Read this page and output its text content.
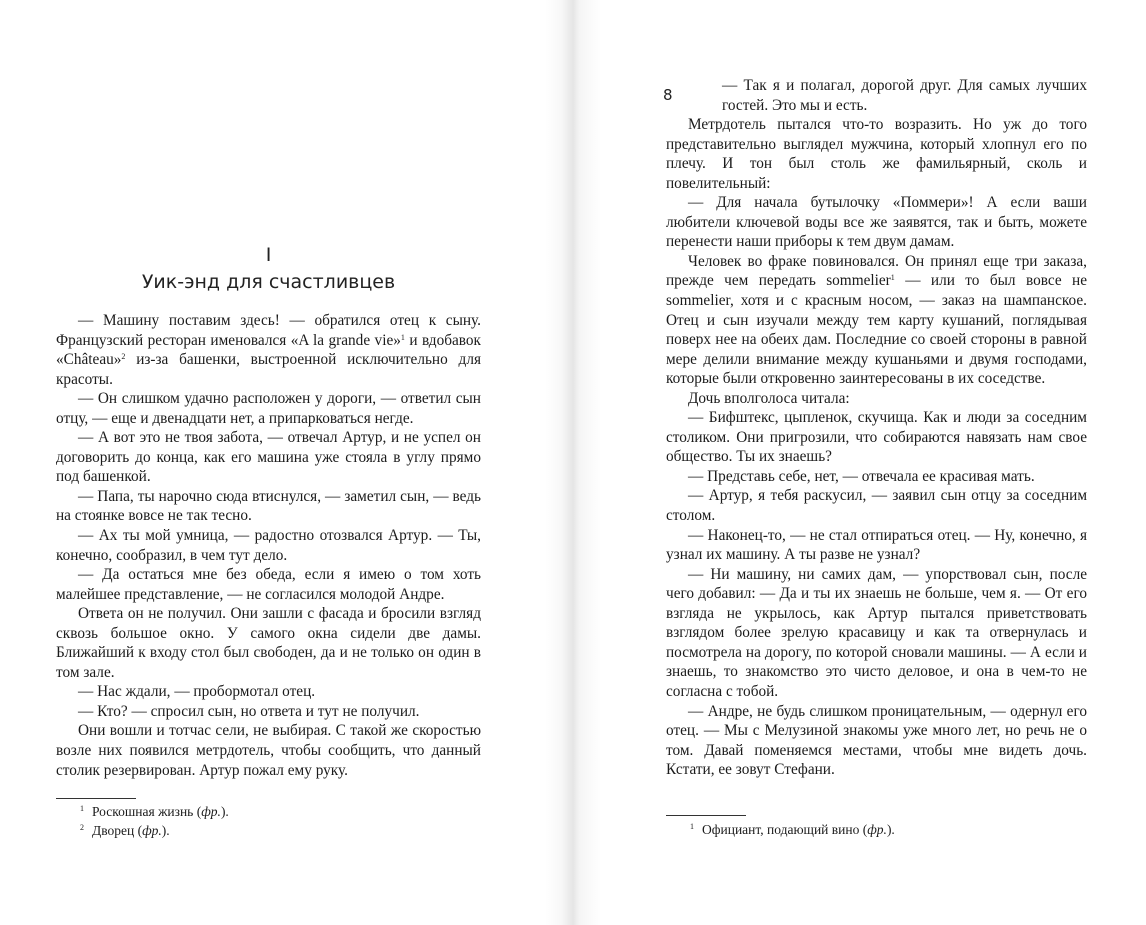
I
Уик-энд для счастливцев

— Машину поставим здесь! — обратился отец к сыну. Французский ресторан именовался «A la grande vie»$^1$ и вдобавок «Château»$^2$ из-за башенки, выстроенной исключительно для красоты.

— Он слишком удачно расположен у дороги, — ответил сын отцу, — еще и двенадцати нет, а припарковаться негде.

— А вот это не твоя забота, — отвечал Артур, и не успел он договорить до конца, как его машина уже стояла в углу прямо под башенкой.

— Папа, ты нарочно сюда втиснулся, — заметил сын, — ведь на стоянке вовсе не так тесно.

— Ах ты мой умница, — радостно отозвался Артур. — Ты, конечно, сообразил, в чем тут дело.

— Да остаться мне без обеда, если я имею о том хоть малейшее представление, — не согласился молодой Андре.

Ответа он не получил. Они зашли с фасада и бросили взгляд сквозь большое окно. У самого окна сидели две дамы. Ближайший к входу стол был свободен, да и не только он один в том зале.

— Нас ждали, — пробормотал отец.

— Кто? — спросил сын, но ответа и тут не получил.

Они вошли и тотчас сели, не выбирая. С такой же скоростью возле них появился метрдотель, чтобы сообщить, что данный столик резервирован. Артур пожал ему руку.

$^1$ Роскошная жизнь (фр.).
$^2$ Дворец (фр.).
8

— Так я и полагал, дорогой друг. Для самых лучших гостей. Это мы и есть.

Метрдотель пытался что-то возразить. Но уж до того представительно выглядел мужчина, который хлопнул его по плечу. И тон был столь же фамильярный, сколь и повелительный:

— Для начала бутылочку «Поммери»! А если ваши любители ключевой воды все же заявятся, так и быть, можете перенести наши приборы к тем двум дамам.

Человек во фраке повиновался. Он принял еще три заказа, прежде чем передать sommelier$^1$ — или то был вовсе не sommelier, хотя и с красным носом, — заказ на шампанское. Отец и сын изучали между тем карту кушаний, поглядывая поверх нее на обеих дам. Последние со своей стороны в равной мере делили внимание между кушаньями и двумя господами, которые были откровенно заинтересованы в их соседстве.

Дочь вполголоса читала:

— Бифштекс, цыпленок, скучища. Как и люди за соседним столиком. Они пригрозили, что собираются навязать нам свое общество. Ты их знаешь?

— Представь себе, нет, — отвечала ее красивая мать.

— Артур, я тебя раскусил, — заявил сын отцу за соседним столом.

— Наконец-то, — не стал отпираться отец. — Ну, конечно, я узнал их машину. А ты разве не узнал?

— Ни машину, ни самих дам, — упорствовал сын, после чего добавил: — Да и ты их знаешь не больше, чем я. — От его взгляда не укрылось, как Артур пытался приветствовать взглядом более зрелую красавицу и как та отвернулась и посмотрела на дорогу, по которой сновали машины. — А если и знаешь, то знакомство это чисто деловое, и она в чем-то не согласна с тобой.

— Андре, не будь слишком проницательным, — одернул его отец. — Мы с Мелузиной знакомы уже много лет, но речь не о том. Давай поменяемся местами, чтобы мне видеть дочь. Кстати, ее зовут Стефани.

$^1$ Официант, подающий вино (фр.).
